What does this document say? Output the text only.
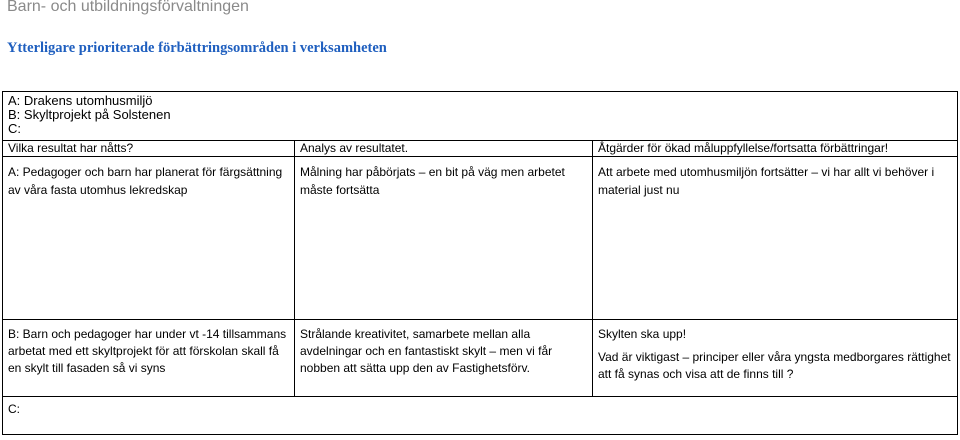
Barn- och utbildningsförvaltningen
Ytterligare prioriterade förbättringsområden i verksamheten
A: Drakens utomhusmiljö
B: Skyltprojekt på Solstenen
C:		

Vilka resultat har nåtts?	Analys av resultatet.	Åtgärder för ökad måluppfyllelse/fortsatta förbättringar!
A: Pedagoger och barn har planerat för färgsättning av våra fasta utomhus lekredskap	Målning har påbörjats – en bit på väg men arbetet måste fortsätta	Att arbete med utomhusmiljön fortsätter – vi har allt vi behöver i material just nu
B: Barn och pedagoger har under vt -14 tillsammans arbetat med ett skyltprojekt för att förskolan skall få en skylt till fasaden så vi syns	Strålande kreativitet, samarbete mellan alla avdelningar och en fantastiskt skylt – men vi får nobben att sätta upp den av Fastighetsförv.	Skylten ska upp!

Vad är viktigast – principer eller våra yngsta medborgares rättighet att få synas och visa att de finns till ?

C:		
